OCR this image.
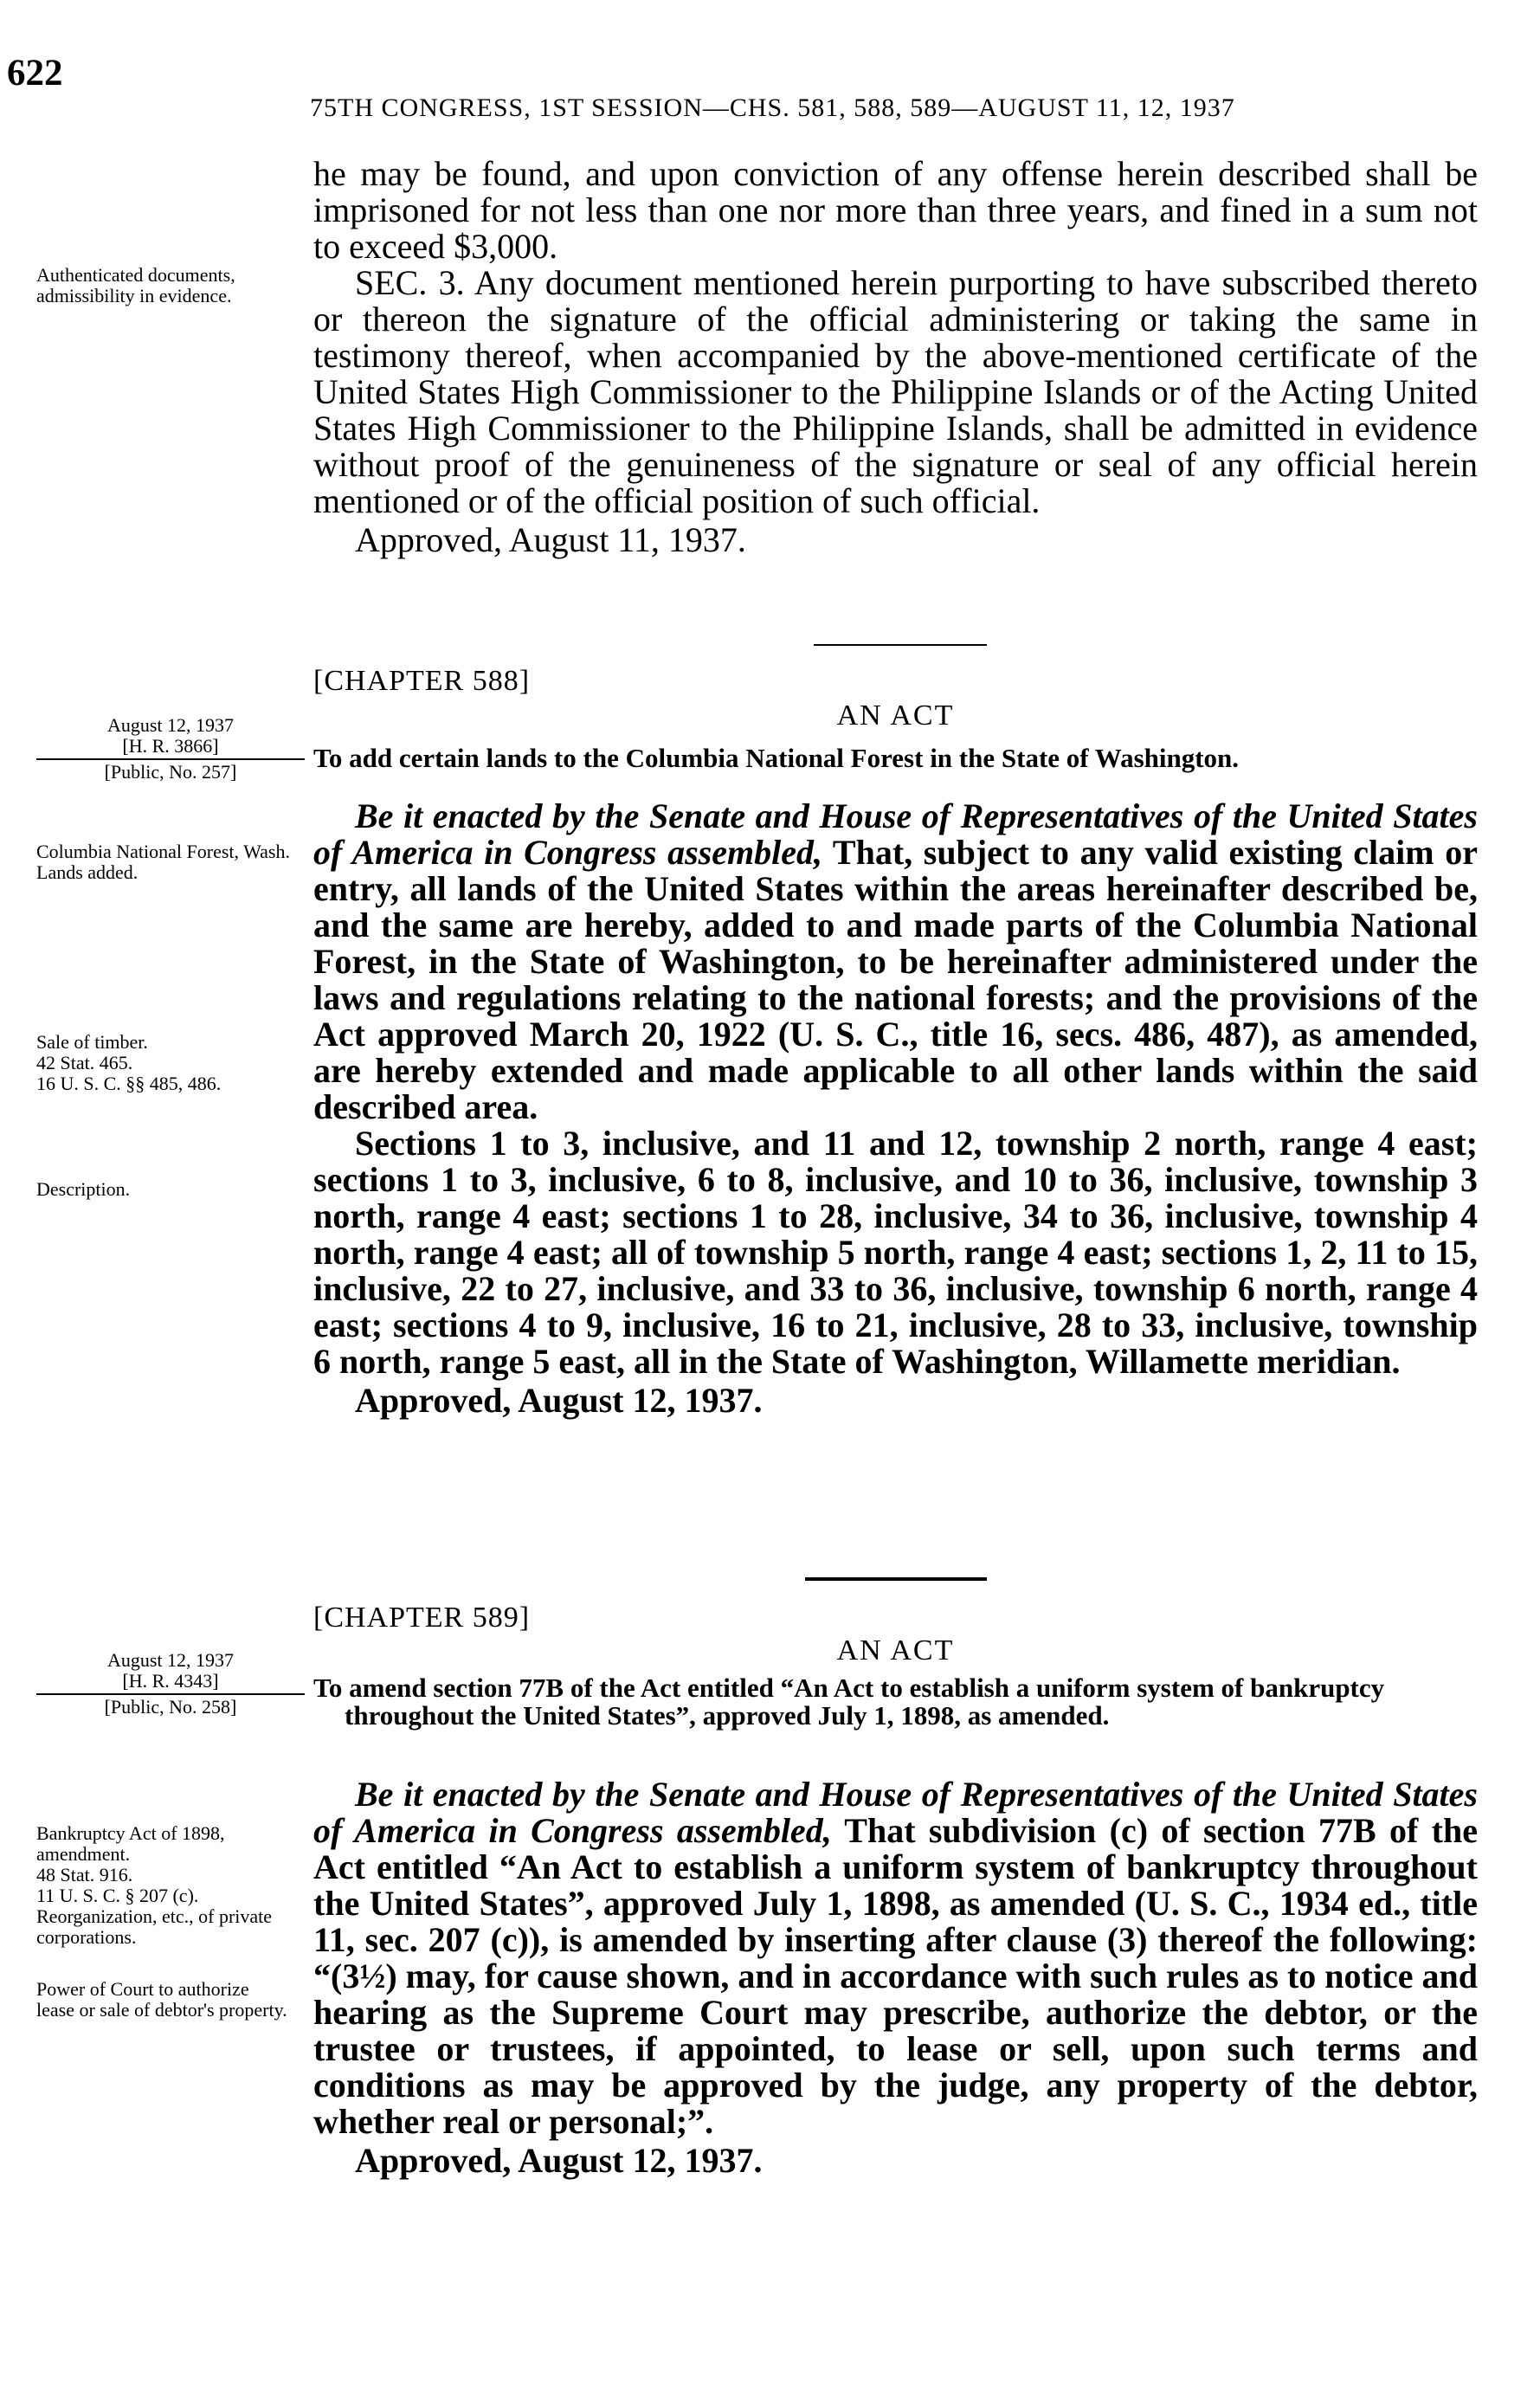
622
75TH CONGRESS, 1ST SESSION—CHS. 581, 588, 589—AUGUST 11, 12, 1937
he may be found, and upon conviction of any offense herein described shall be imprisoned for not less than one nor more than three years, and fined in a sum not to exceed $3,000.
SEC. 3. Any document mentioned herein purporting to have subscribed thereto or thereon the signature of the official administering or taking the same in testimony thereof, when accompanied by the above-mentioned certificate of the United States High Commissioner to the Philippine Islands or of the Acting United States High Commissioner to the Philippine Islands, shall be admitted in evidence without proof of the genuineness of the signature or seal of any official herein mentioned or of the official position of such official.
Approved, August 11, 1937.
Authenticated documents, admissibility in evidence.
[CHAPTER 588]
AN ACT
To add certain lands to the Columbia National Forest in the State of Washington.
August 12, 1937
[H. R. 3866]
[Public, No. 257]
Be it enacted by the Senate and House of Representatives of the United States of America in Congress assembled, That, subject to any valid existing claim or entry, all lands of the United States within the areas hereinafter described be, and the same are hereby, added to and made parts of the Columbia National Forest, in the State of Washington, to be hereinafter administered under the laws and regulations relating to the national forests; and the provisions of the Act approved March 20, 1922 (U. S. C., title 16, secs. 486, 487), as amended, are hereby extended and made applicable to all other lands within the said described area.
Sections 1 to 3, inclusive, and 11 and 12, township 2 north, range 4 east; sections 1 to 3, inclusive, 6 to 8, inclusive, and 10 to 36, inclusive, township 3 north, range 4 east; sections 1 to 28, inclusive, 34 to 36, inclusive, township 4 north, range 4 east; all of township 5 north, range 4 east; sections 1, 2, 11 to 15, inclusive, 22 to 27, inclusive, and 33 to 36, inclusive, township 6 north, range 4 east; sections 4 to 9, inclusive, 16 to 21, inclusive, 28 to 33, inclusive, township 6 north, range 5 east, all in the State of Washington, Willamette meridian.
Approved, August 12, 1937.
Columbia National Forest, Wash. Lands added.
Sale of timber.
42 Stat. 465.
16 U. S. C. §§ 485, 486.
Description.
[CHAPTER 589]
AN ACT
To amend section 77B of the Act entitled “An Act to establish a uniform system of bankruptcy throughout the United States”, approved July 1, 1898, as amended.
August 12, 1937
[H. R. 4343]
[Public, No. 258]
Be it enacted by the Senate and House of Representatives of the United States of America in Congress assembled, That subdivision (c) of section 77B of the Act entitled “An Act to establish a uniform system of bankruptcy throughout the United States”, approved July 1, 1898, as amended (U. S. C., 1934 ed., title 11, sec. 207 (c)), is amended by inserting after clause (3) thereof the following: “(3½) may, for cause shown, and in accordance with such rules as to notice and hearing as the Supreme Court may prescribe, authorize the debtor, or the trustee or trustees, if appointed, to lease or sell, upon such terms and conditions as may be approved by the judge, any property of the debtor, whether real or personal;”.
Approved, August 12, 1937.
Bankruptcy Act of 1898, amendment.
48 Stat. 916.
11 U. S. C. § 207 (c).
Reorganization, etc., of private corporations.
Power of Court to authorize lease or sale of debtor's property.
